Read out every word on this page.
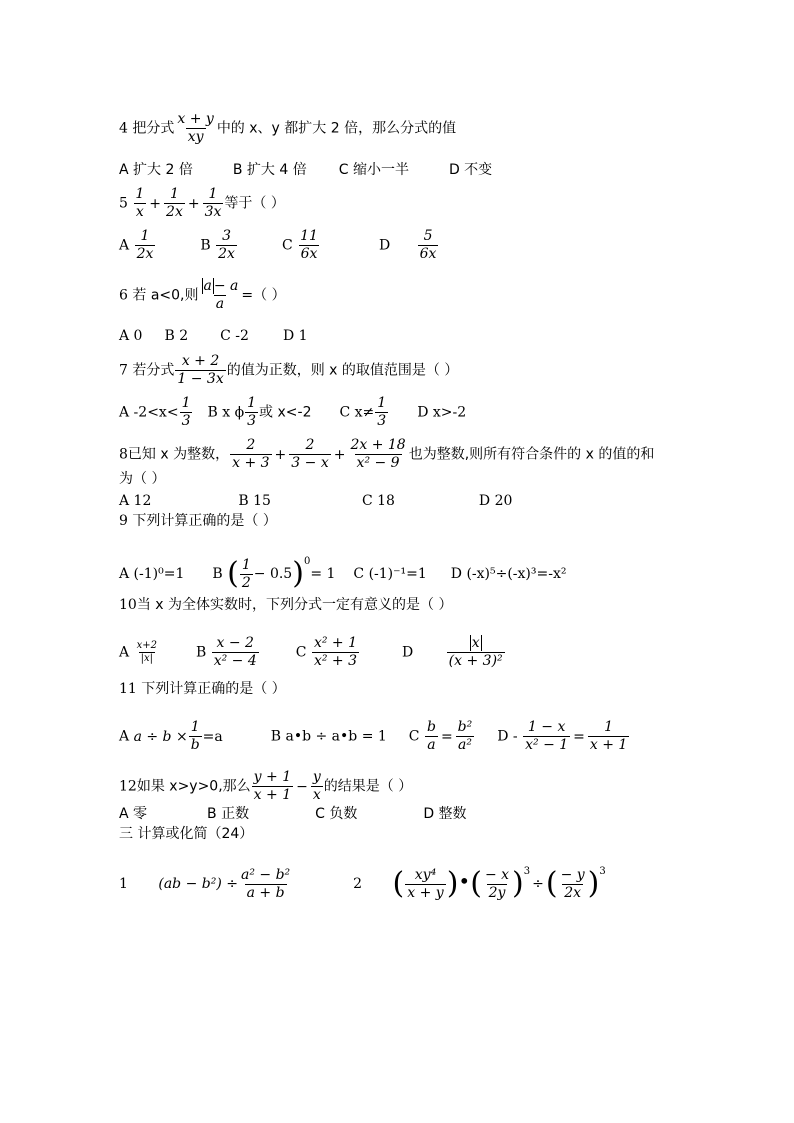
4 把分式 $\frac{x + y}{xy}$ 中的 x、y 都扩大 2 倍，那么分式的值
A 扩大 2 倍	B 扩大 4 倍 C 缩小一半	D 不变
$5 \frac{1}{x} + \frac{1}{2x} + \frac{1}{3x}$ 等于（ ）
A $\frac{1}{2x}$	B $\frac{3}{2x}$	C $\frac{11}{6x}$	D $\frac{5}{6x}$
6 若 a<0,则 $\frac{a - a}{a}$ =（ ）
A 0 B 2 C -2 D 1
7 若分式 $\frac{x + 2}{1 - 3x}$ 的值为正数，则 x 的取值范围是（ ）
A $-2<x< \frac{1}{3}$ B x ϕ $\frac{1}{3}$ 或 x<-2 C $x\ne \frac{1}{3}$ D x>-2
8已知 x 为整数， $\frac{2}{x + 3} + \frac{2}{3 - x} + \frac{2x + 18}{\text{x² − 9}}$ 也为整数,则所有符合条件的 x 的值的和
为（ ）
A 12	B 15	C 18	D 20
9 下列计算正确的是（ ）
A (-1)⁰=1 B ( $\frac{1}{2} - 0.5)^0= 1$ C (-1)⁻¹=1 D (-x)⁵÷(-x)³=-x²
10当 x 为全体实数时，下列分式一定有意义的是（ ）
A $\frac{x+2}{|x|}$	B $\frac{x - 2}{\text{x² − 4}}$	C $\frac{\text{x² + 1}}{\text{x² + 3}}$	D $\frac{x}{\text{(x + 3)²}}$
11 下列计算正确的是（ ）
A $a \div b \times \frac{1}{b} =a$	B a•b ÷ a•b = 1 C $\frac{b}{a} = \frac{\text{b²}}{\text{a²}}$ $D - \frac{1 - x}{\text{x² − 1}} = \frac{1}{x + 1}$
12如果 x>y>0,那么 $\frac{y + 1}{x + 1} - \frac{y}{x}$ 的结果是（ ）
A 零	B 正数	C 负数	D 整数
三 计算或化简（24）
1 $(ab - b^2) \div \frac{\text{a² − b²}}{a + b}$	2 ( $\frac{\text{xy⁴}}{x + y}$ )•( $\frac{- x}{2y} )^3\div( \frac{- y}{2x} )^3$
